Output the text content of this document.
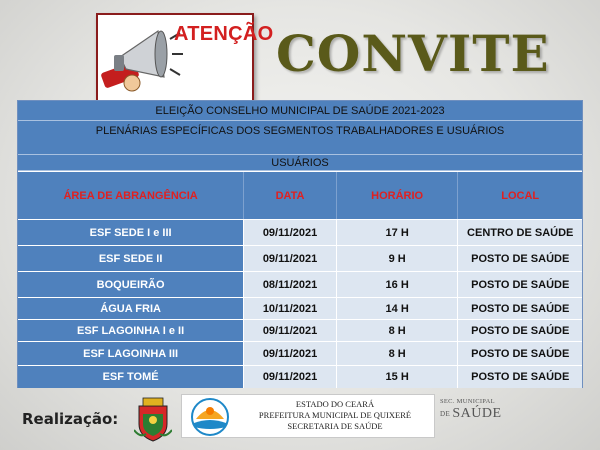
ATENÇÃO CONVITE
ELEIÇÃO CONSELHO MUNICIPAL DE SAÚDE 2021-2023
PLENÁRIAS ESPECÍFICAS DOS SEGMENTOS TRABALHADORES E USUÁRIOS
USUÁRIOS
ÁREA DE ABRANGÊNCIA	DATA	HORÁRIO	LOCAL
ESF SEDE I e III	09/11/2021	17 H	CENTRO DE SAÚDE
ESF SEDE II	09/11/2021	9 H	POSTO DE SAÚDE
BOQUEIRÃO	08/11/2021	16 H	POSTO DE SAÚDE
ÁGUA FRIA	10/11/2021	14 H	POSTO DE SAÚDE
ESF LAGOINHA I e II	09/11/2021	8 H	POSTO DE SAÚDE
ESF LAGOINHA III	09/11/2021	8 H	POSTO DE SAÚDE
ESF TOMÉ	09/11/2021	15 H	POSTO DE SAÚDE
Realização:
ESTADO DO CEARÁ
PREFEITURA MUNICIPAL DE QUIXERÉ
SECRETARIA DE SAÚDE
SEC. MUNICIPAL
DE SAÚDE
